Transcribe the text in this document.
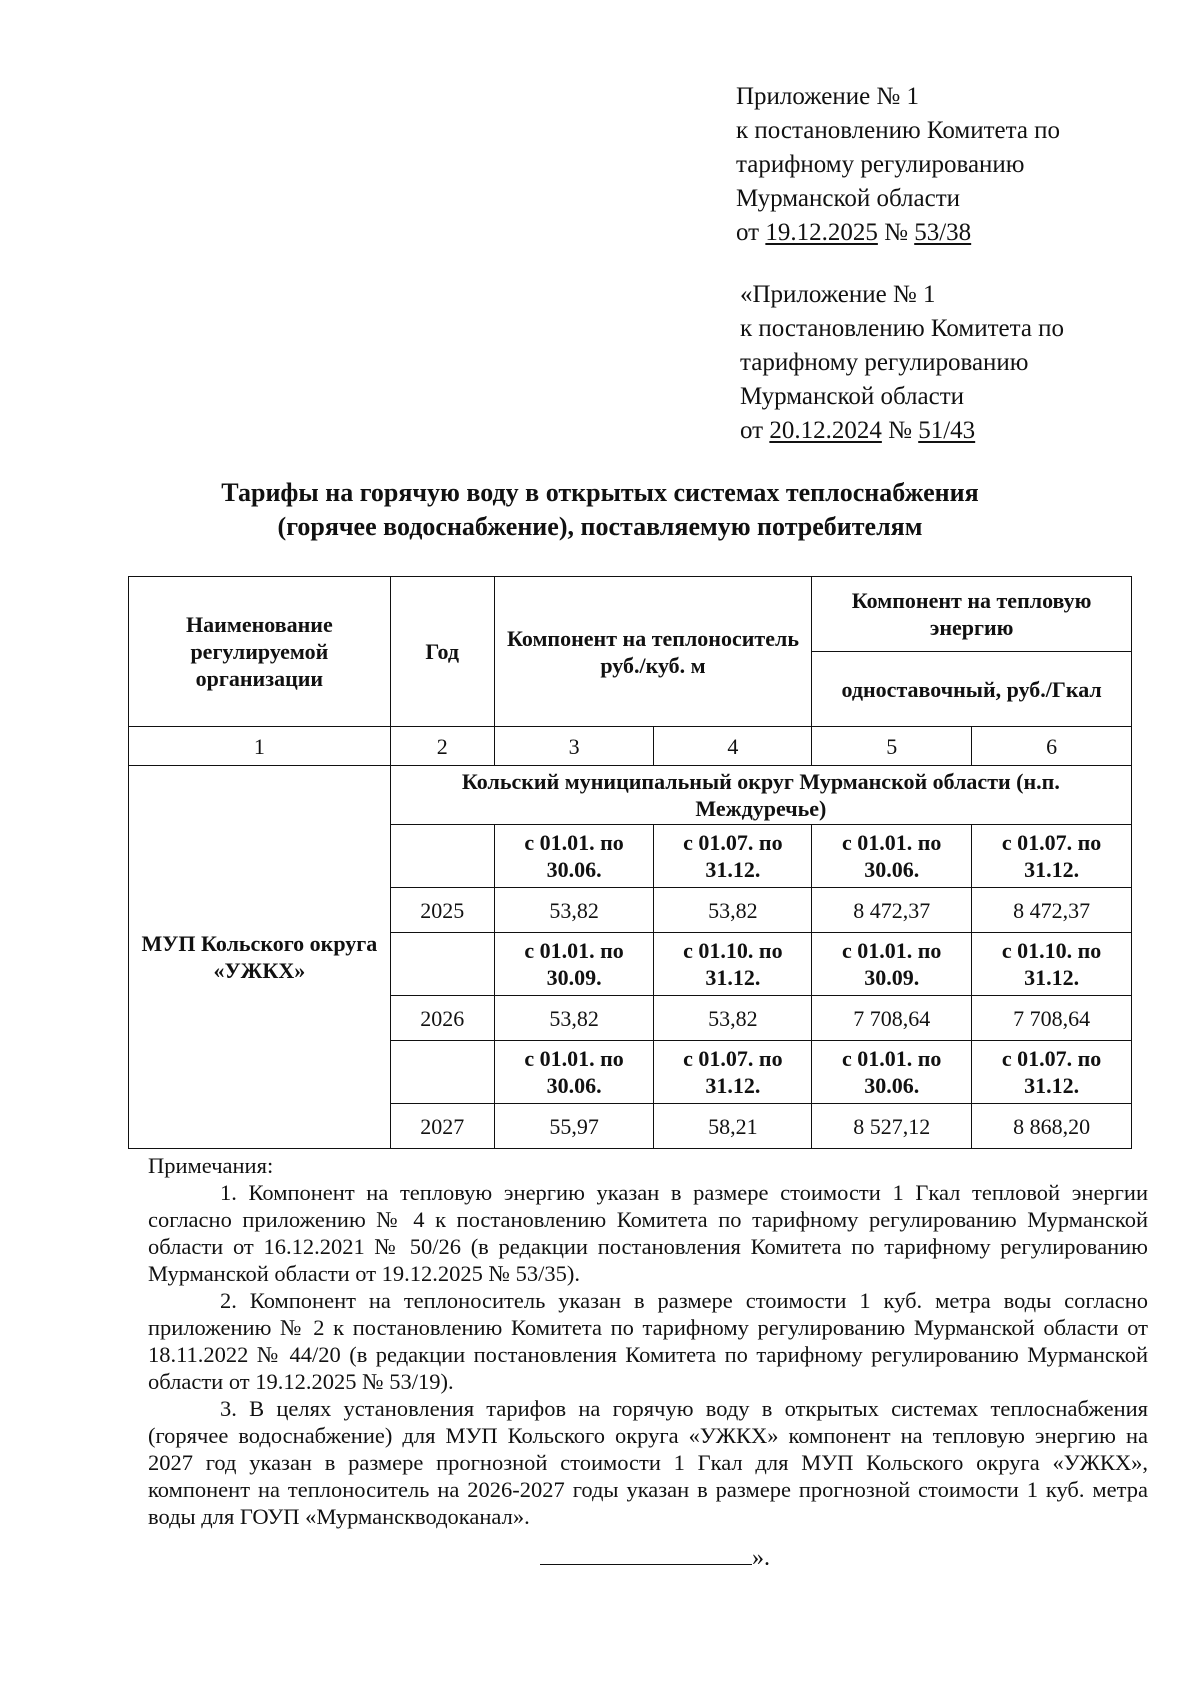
Приложение № 1
к постановлению Комитета по
тарифному регулированию
Мурманской области
от 19.12.2025 № 53/38
«Приложение № 1
к постановлению Комитета по
тарифному регулированию
Мурманской области
от 20.12.2024 № 51/43
Тарифы на горячую воду в открытых системах теплоснабжения
(горячее водоснабжение), поставляемую потребителям
Наименование регулируемой организации	Год	Компонент на теплоноситель руб./куб. м		Компонент на тепловую энергию	
				одноставочный, руб./Гкал	
1	2	3	4	5	6
МУП Кольского округа «УЖКХ»	Кольский муниципальный округ Мурманской области (н.п. Междуречье)				
		с 01.01. по 30.06.	с 01.07. по 31.12.	с 01.01. по 30.06.	с 01.07. по 31.12.
	2025	53,82	53,82	8 472,37	8 472,37
		с 01.01. по 30.09.	с 01.10. по 31.12.	с 01.01. по 30.09.	с 01.10. по 31.12.
	2026	53,82	53,82	7 708,64	7 708,64
		с 01.01. по 30.06.	с 01.07. по 31.12.	с 01.01. по 30.06.	с 01.07. по 31.12.
	2027	55,97	58,21	8 527,12	8 868,20

Примечания:

1. Компонент на тепловую энергию указан в размере стоимости 1 Гкал тепловой энергии согласно приложению № 4 к постановлению Комитета по тарифному регулированию Мурманской области от 16.12.2021 № 50/26 (в редакции постановления Комитета по тарифному регулированию Мурманской области от 19.12.2025 № 53/35).

2. Компонент на теплоноситель указан в размере стоимости 1 куб. метра воды согласно приложению № 2 к постановлению Комитета по тарифному регулированию Мурманской области от 18.11.2022 № 44/20 (в редакции постановления Комитета по тарифному регулированию Мурманской области от 19.12.2025 № 53/19).

3. В целях установления тарифов на горячую воду в открытых системах теплоснабжения (горячее водоснабжение) для МУП Кольского округа «УЖКХ» компонент на тепловую энергию на 2027 год указан в размере прогнозной стоимости 1 Гкал для МУП Кольского округа «УЖКХ», компонент на теплоноситель на 2026-2027 годы указан в размере прогнозной стоимости 1 куб. метра воды для ГОУП «Мурманскводоканал».

».
